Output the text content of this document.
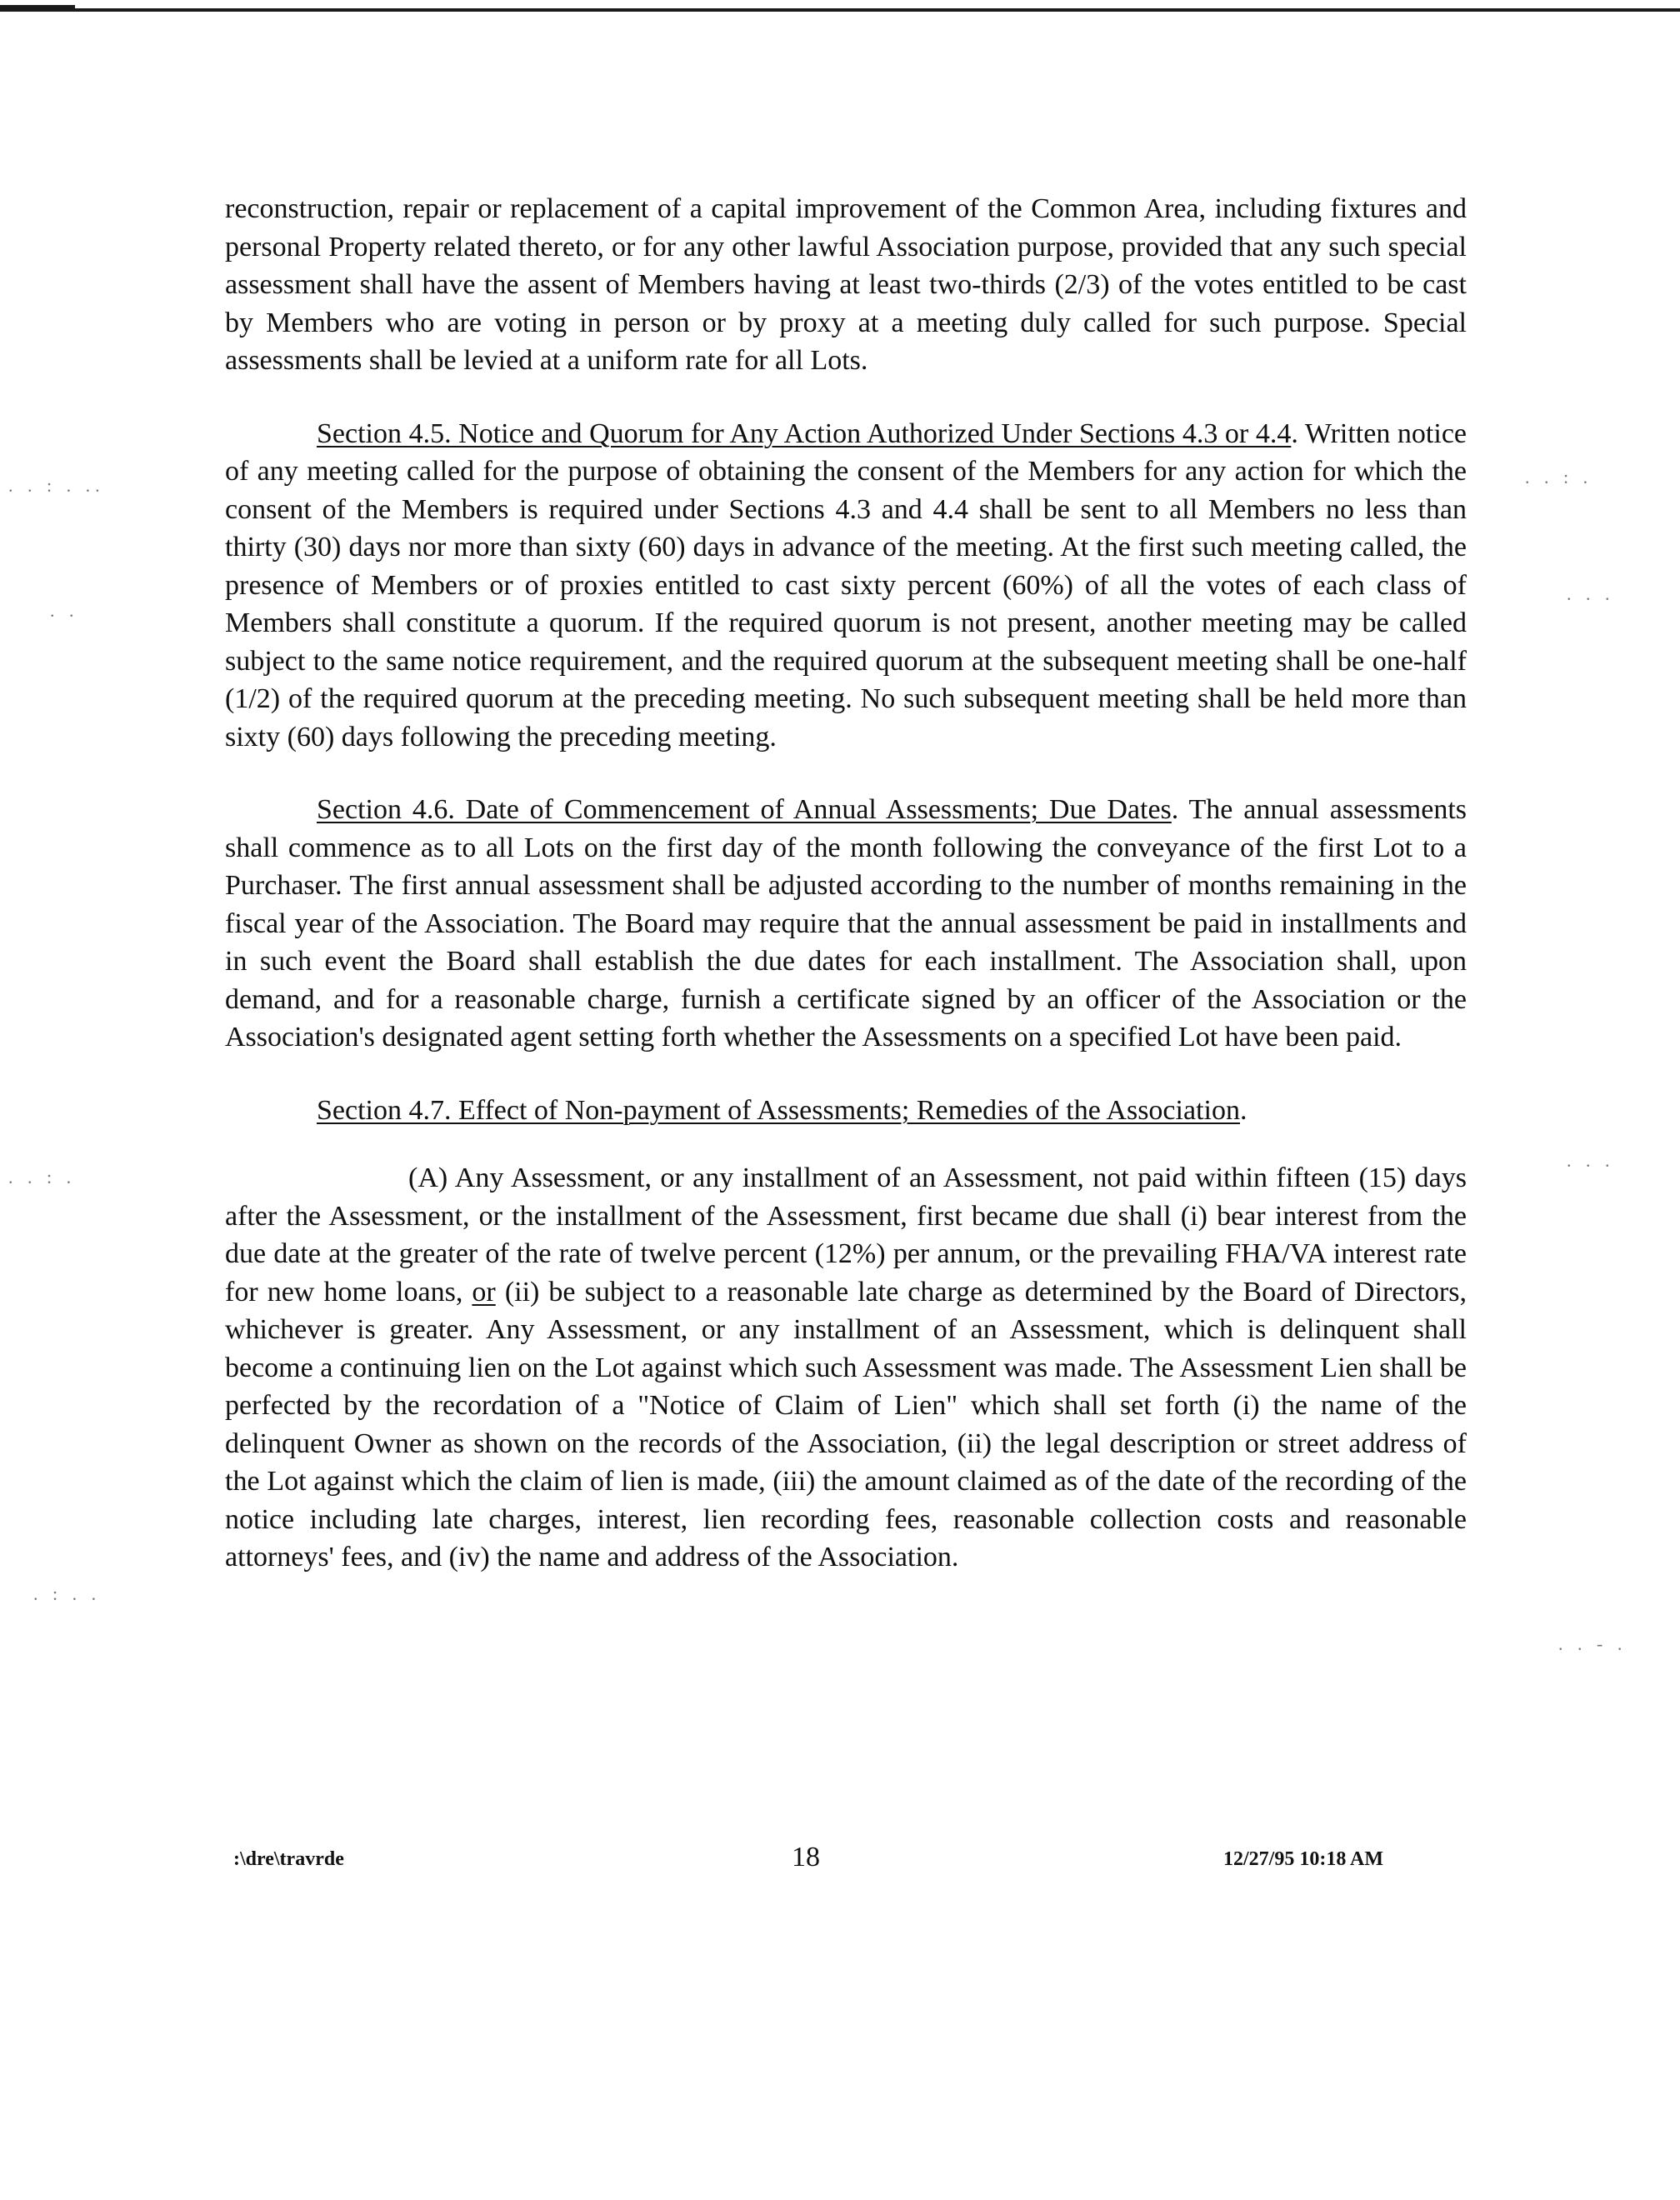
reconstruction, repair or replacement of a capital improvement of the Common Area, including fixtures and personal Property related thereto, or for any other lawful Association purpose, provided that any such special assessment shall have the assent of Members having at least two-thirds (2/3) of the votes entitled to be cast by Members who are voting in person or by proxy at a meeting duly called for such purpose. Special assessments shall be levied at a uniform rate for all Lots.

Section 4.5. Notice and Quorum for Any Action Authorized Under Sections 4.3 or 4.4. Written notice of any meeting called for the purpose of obtaining the consent of the Members for any action for which the consent of the Members is required under Sections 4.3 and 4.4 shall be sent to all Members no less than thirty (30) days nor more than sixty (60) days in advance of the meeting. At the first such meeting called, the presence of Members or of proxies entitled to cast sixty percent (60%) of all the votes of each class of Members shall constitute a quorum. If the required quorum is not present, another meeting may be called subject to the same notice requirement, and the required quorum at the subsequent meeting shall be one-half (1/2) of the required quorum at the preceding meeting. No such subsequent meeting shall be held more than sixty (60) days following the preceding meeting.

Section 4.6. Date of Commencement of Annual Assessments; Due Dates. The annual assessments shall commence as to all Lots on the first day of the month following the conveyance of the first Lot to a Purchaser. The first annual assessment shall be adjusted according to the number of months remaining in the fiscal year of the Association. The Board may require that the annual assessment be paid in installments and in such event the Board shall establish the due dates for each installment. The Association shall, upon demand, and for a reasonable charge, furnish a certificate signed by an officer of the Association or the Association's designated agent setting forth whether the Assessments on a specified Lot have been paid.

Section 4.7. Effect of Non-payment of Assessments; Remedies of the Association.

(A) Any Assessment, or any installment of an Assessment, not paid within fifteen (15) days after the Assessment, or the installment of the Assessment, first became due shall (i) bear interest from the due date at the greater of the rate of twelve percent (12%) per annum, or the prevailing FHA/VA interest rate for new home loans, or (ii) be subject to a reasonable late charge as determined by the Board of Directors, whichever is greater. Any Assessment, or any installment of an Assessment, which is delinquent shall become a continuing lien on the Lot against which such Assessment was made. The Assessment Lien shall be perfected by the recordation of a "Notice of Claim of Lien" which shall set forth (i) the name of the delinquent Owner as shown on the records of the Association, (ii) the legal description or street address of the Lot against which the claim of lien is made, (iii) the amount claimed as of the date of the recording of the notice including late charges, interest, lien recording fees, reasonable collection costs and reasonable attorneys' fees, and (iv) the name and address of the Association.

:\dre\travrde	18	12/27/95 10:18 AM
. . : . ..	. . : .
. .
. . .
. . : .
. . .
. : . .
. . - .
